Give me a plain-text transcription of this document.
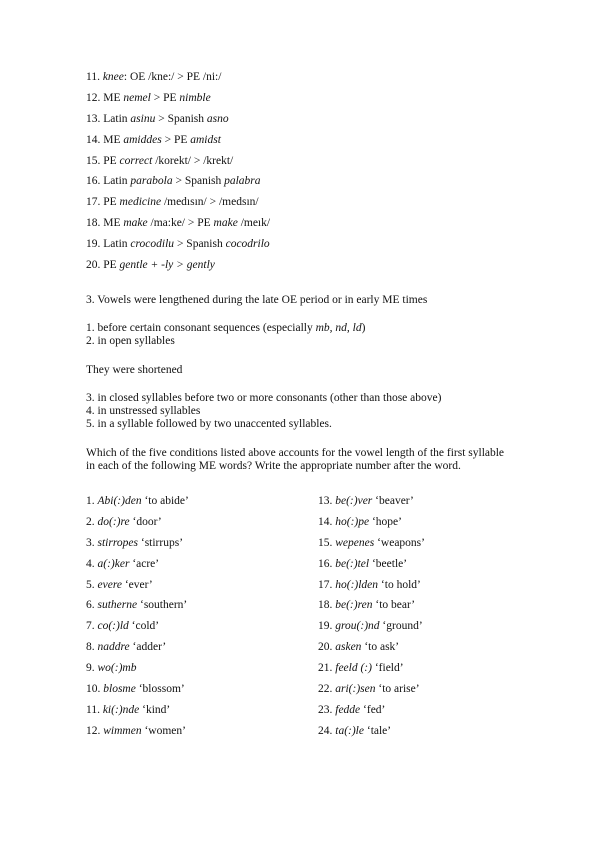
11. knee: OE /kne:/ > PE /ni:/
12. ME nemel > PE nimble
13. Latin asinu > Spanish asno
14. ME amiddes > PE amidst
15. PE correct /korekt/ > /krekt/
16. Latin parabola > Spanish palabra
17. PE medicine /medısın/ > /medsın/
18. ME make /ma:ke/ > PE make /meık/
19. Latin crocodilu > Spanish cocodrilo
20. PE gentle + -ly > gently
3. Vowels were lengthened during the late OE period or in early ME times
1. before certain consonant sequences (especially mb, nd, ld)
2. in open syllables
They were shortened
3. in closed syllables before two or more consonants (other than those above)
4. in unstressed syllables
5. in a syllable followed by two unaccented syllables.
Which of the five conditions listed above accounts for the vowel length of the first syllable
in each of the following ME words? Write the appropriate number after the word.
1. Abi(:)den ‘to abide’
2. do(:)re ‘door’
3. stirropes ‘stirrups’
4. a(:)ker ‘acre’
5. evere ‘ever’
6. sutherne ‘southern’
7. co(:)ld ‘cold’
8. naddre ‘adder’
9. wo(:)mb
10. blosme ‘blossom’
11. ki(:)nde ‘kind’
12. wimmen ‘women’
13. be(:)ver ‘beaver’
14. ho(:)pe ‘hope’
15. wepenes ‘weapons’
16. be(:)tel ‘beetle’
17. ho(:)lden ‘to hold’
18. be(:)ren ‘to bear’
19. grou(:)nd ‘ground’
20. asken ‘to ask’
21. feeld (:) ‘field’
22. ari(:)sen ‘to arise’
23. fedde ‘fed’
24. ta(:)le ‘tale’
